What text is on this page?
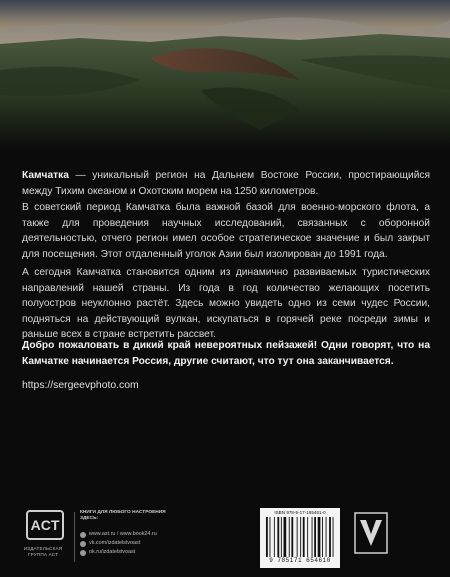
Камчатка — уникальный регион на Дальнем Востоке России, простирающийся между Тихим океаном и Охотским морем на 1250 километров.
В советский период Камчатка была важной базой для военно-морского флота, а также для проведения научных исследований, связанных с оборонной деятельностью, отчего регион имел особое стратегическое значение и был закрыт для посещения. Этот отдаленный уголок Азии был изолирован до 1991 года.
А сегодня Камчатка становится одним из динамично развиваемых туристических направлений нашей страны. Из года в год количество желающих посетить полуостров неуклонно растёт. Здесь можно увидеть одно из семи чудес России, подняться на действующий вулкан, искупаться в горячей реке посреди зимы и раньше всех в стране встретить рассвет.
Добро пожаловать в дикий край невероятных пейзажей! Одни говорят, что на Камчатке начинается Россия, другие считают, что тут она заканчивается.
https://sergeevphoto.com
ACT
ИЗДАТЕЛЬСКАЯ ГРУППА АСТ
КНИГИ ДЛЯ ЛЮБОГО НАСТРОЕНИЯ ЗДЕСЬ:
www.ast.ru / www.book24.ru
vk.com/izdatelstvoast
ok.ru/izdatelstvoast
ISBN 978-5-17-165461-0
9 785171 654610
